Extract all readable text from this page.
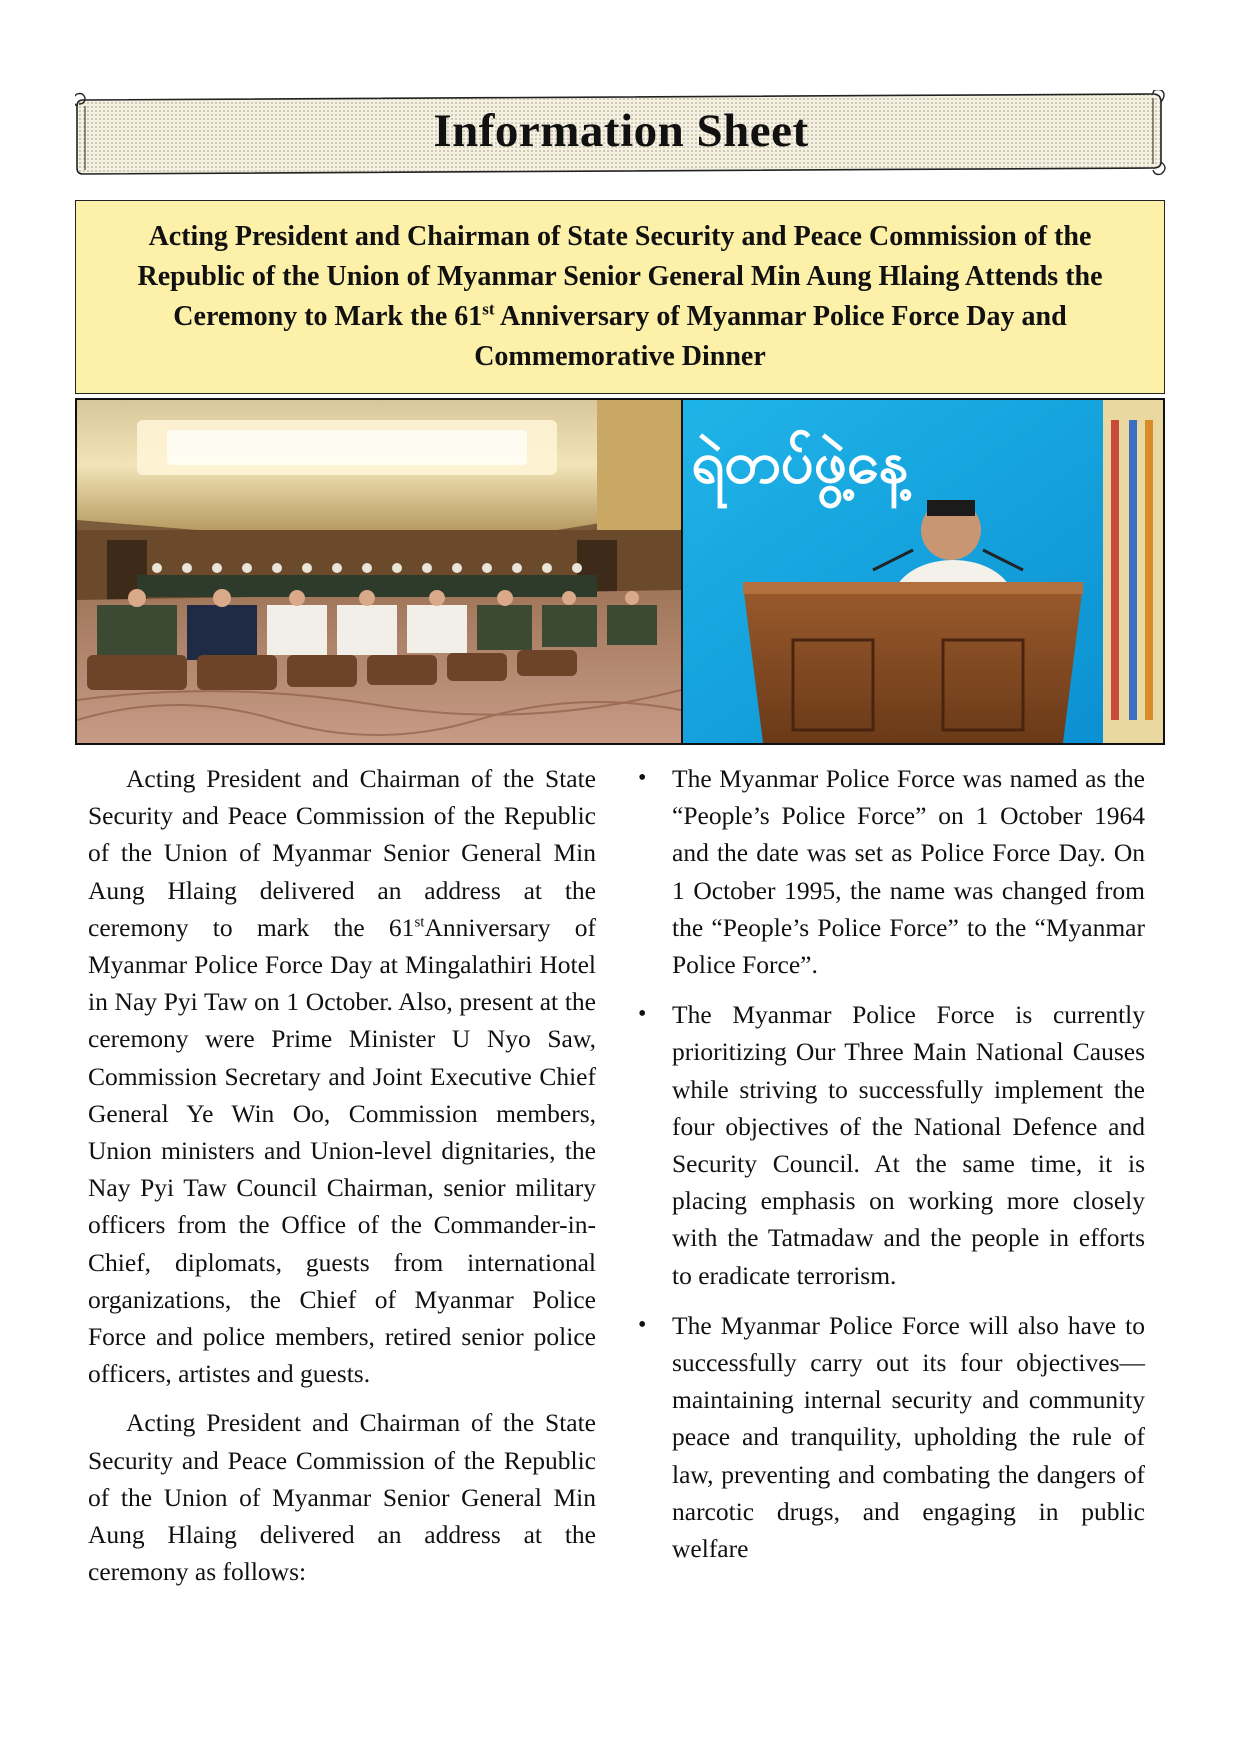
Information Sheet

Acting President and Chairman of State Security and Peace Commission of the
Republic of the Union of Myanmar Senior General Min Aung Hlaing Attends the
Ceremony to Mark the 61st Anniversary of Myanmar Police Force Day and
Commemorative Dinner

ရဲတပ်ဖွဲ့နေ့

Acting President and Chairman of the State Security and Peace Commission of the Republic of the Union of Myanmar Senior General Min Aung Hlaing delivered an address at the ceremony to mark the 61stAnniversary of Myanmar Police Force Day at Mingalathiri Hotel in Nay Pyi Taw on 1 October. Also, present at the ceremony were Prime Minister U Nyo Saw, Commission Secretary and Joint Executive Chief General Ye Win Oo, Commission members, Union ministers and Union-level dignitaries, the Nay Pyi Taw Council Chairman, senior military officers from the Office of the Commander-in-Chief, diplomats, guests from international organizations, the Chief of Myanmar Police Force and police members, retired senior police officers, artistes and guests.

Acting President and Chairman of the State Security and Peace Commission of the Republic of the Union of Myanmar Senior General Min Aung Hlaing delivered an address at the ceremony as follows:

• The Myanmar Police Force was named as the “People’s Police Force” on 1 October 1964 and the date was set as Police Force Day. On 1 October 1995, the name was changed from the “People’s Police Force” to the “Myanmar Police Force”.
• The Myanmar Police Force is currently prioritizing Our Three Main National Causes while striving to successfully implement the four objectives of the National Defence and Security Council. At the same time, it is placing emphasis on working more closely with the Tatmadaw and the people in efforts to eradicate terrorism.
• The Myanmar Police Force will also have to successfully carry out its four objectives—maintaining internal security and community peace and tranquility, upholding the rule of law, preventing and combating the dangers of narcotic drugs, and engaging in public welfare
